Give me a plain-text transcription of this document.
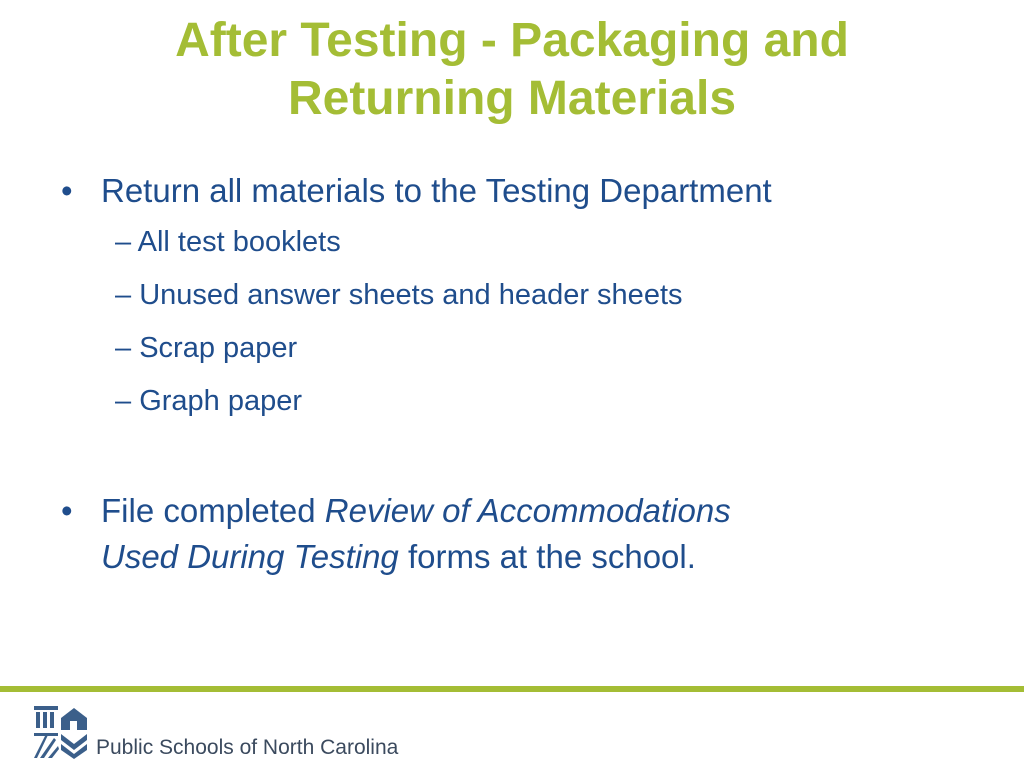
After Testing - Packaging and
Returning Materials
• Return all materials to the Testing Department
– All test booklets
– Unused answer sheets and header sheets
– Scrap paper
– Graph paper
• File completed Review of Accommodations
Used During Testing forms at the school.
Public Schools of North Carolina
